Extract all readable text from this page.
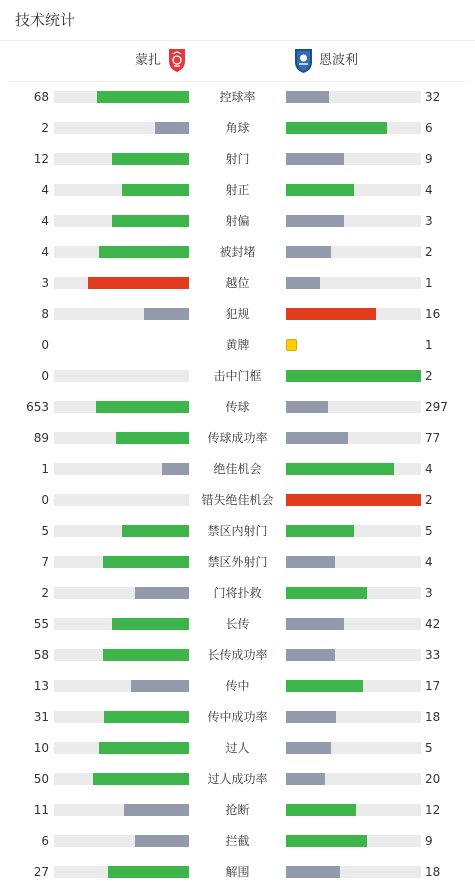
技术统计
蒙扎	恩波利
68	控球率	32
2	角球	6
12	射门	9
4	射正	4
4	射偏	3
4	被封堵	2
3	越位	1
8	犯规	16
0	黄牌	1
0	击中门框	2
653	传球	297
89	传球成功率	77
1	绝佳机会	4
0	错失绝佳机会	2
5	禁区内射门	5
7	禁区外射门	4
2	门将扑救	3
55	长传	42
58	长传成功率	33
13	传中	17
31	传中成功率	18
10	过人	5
50	过人成功率	20
11	抢断	12
6	拦截	9
27	解围	18
